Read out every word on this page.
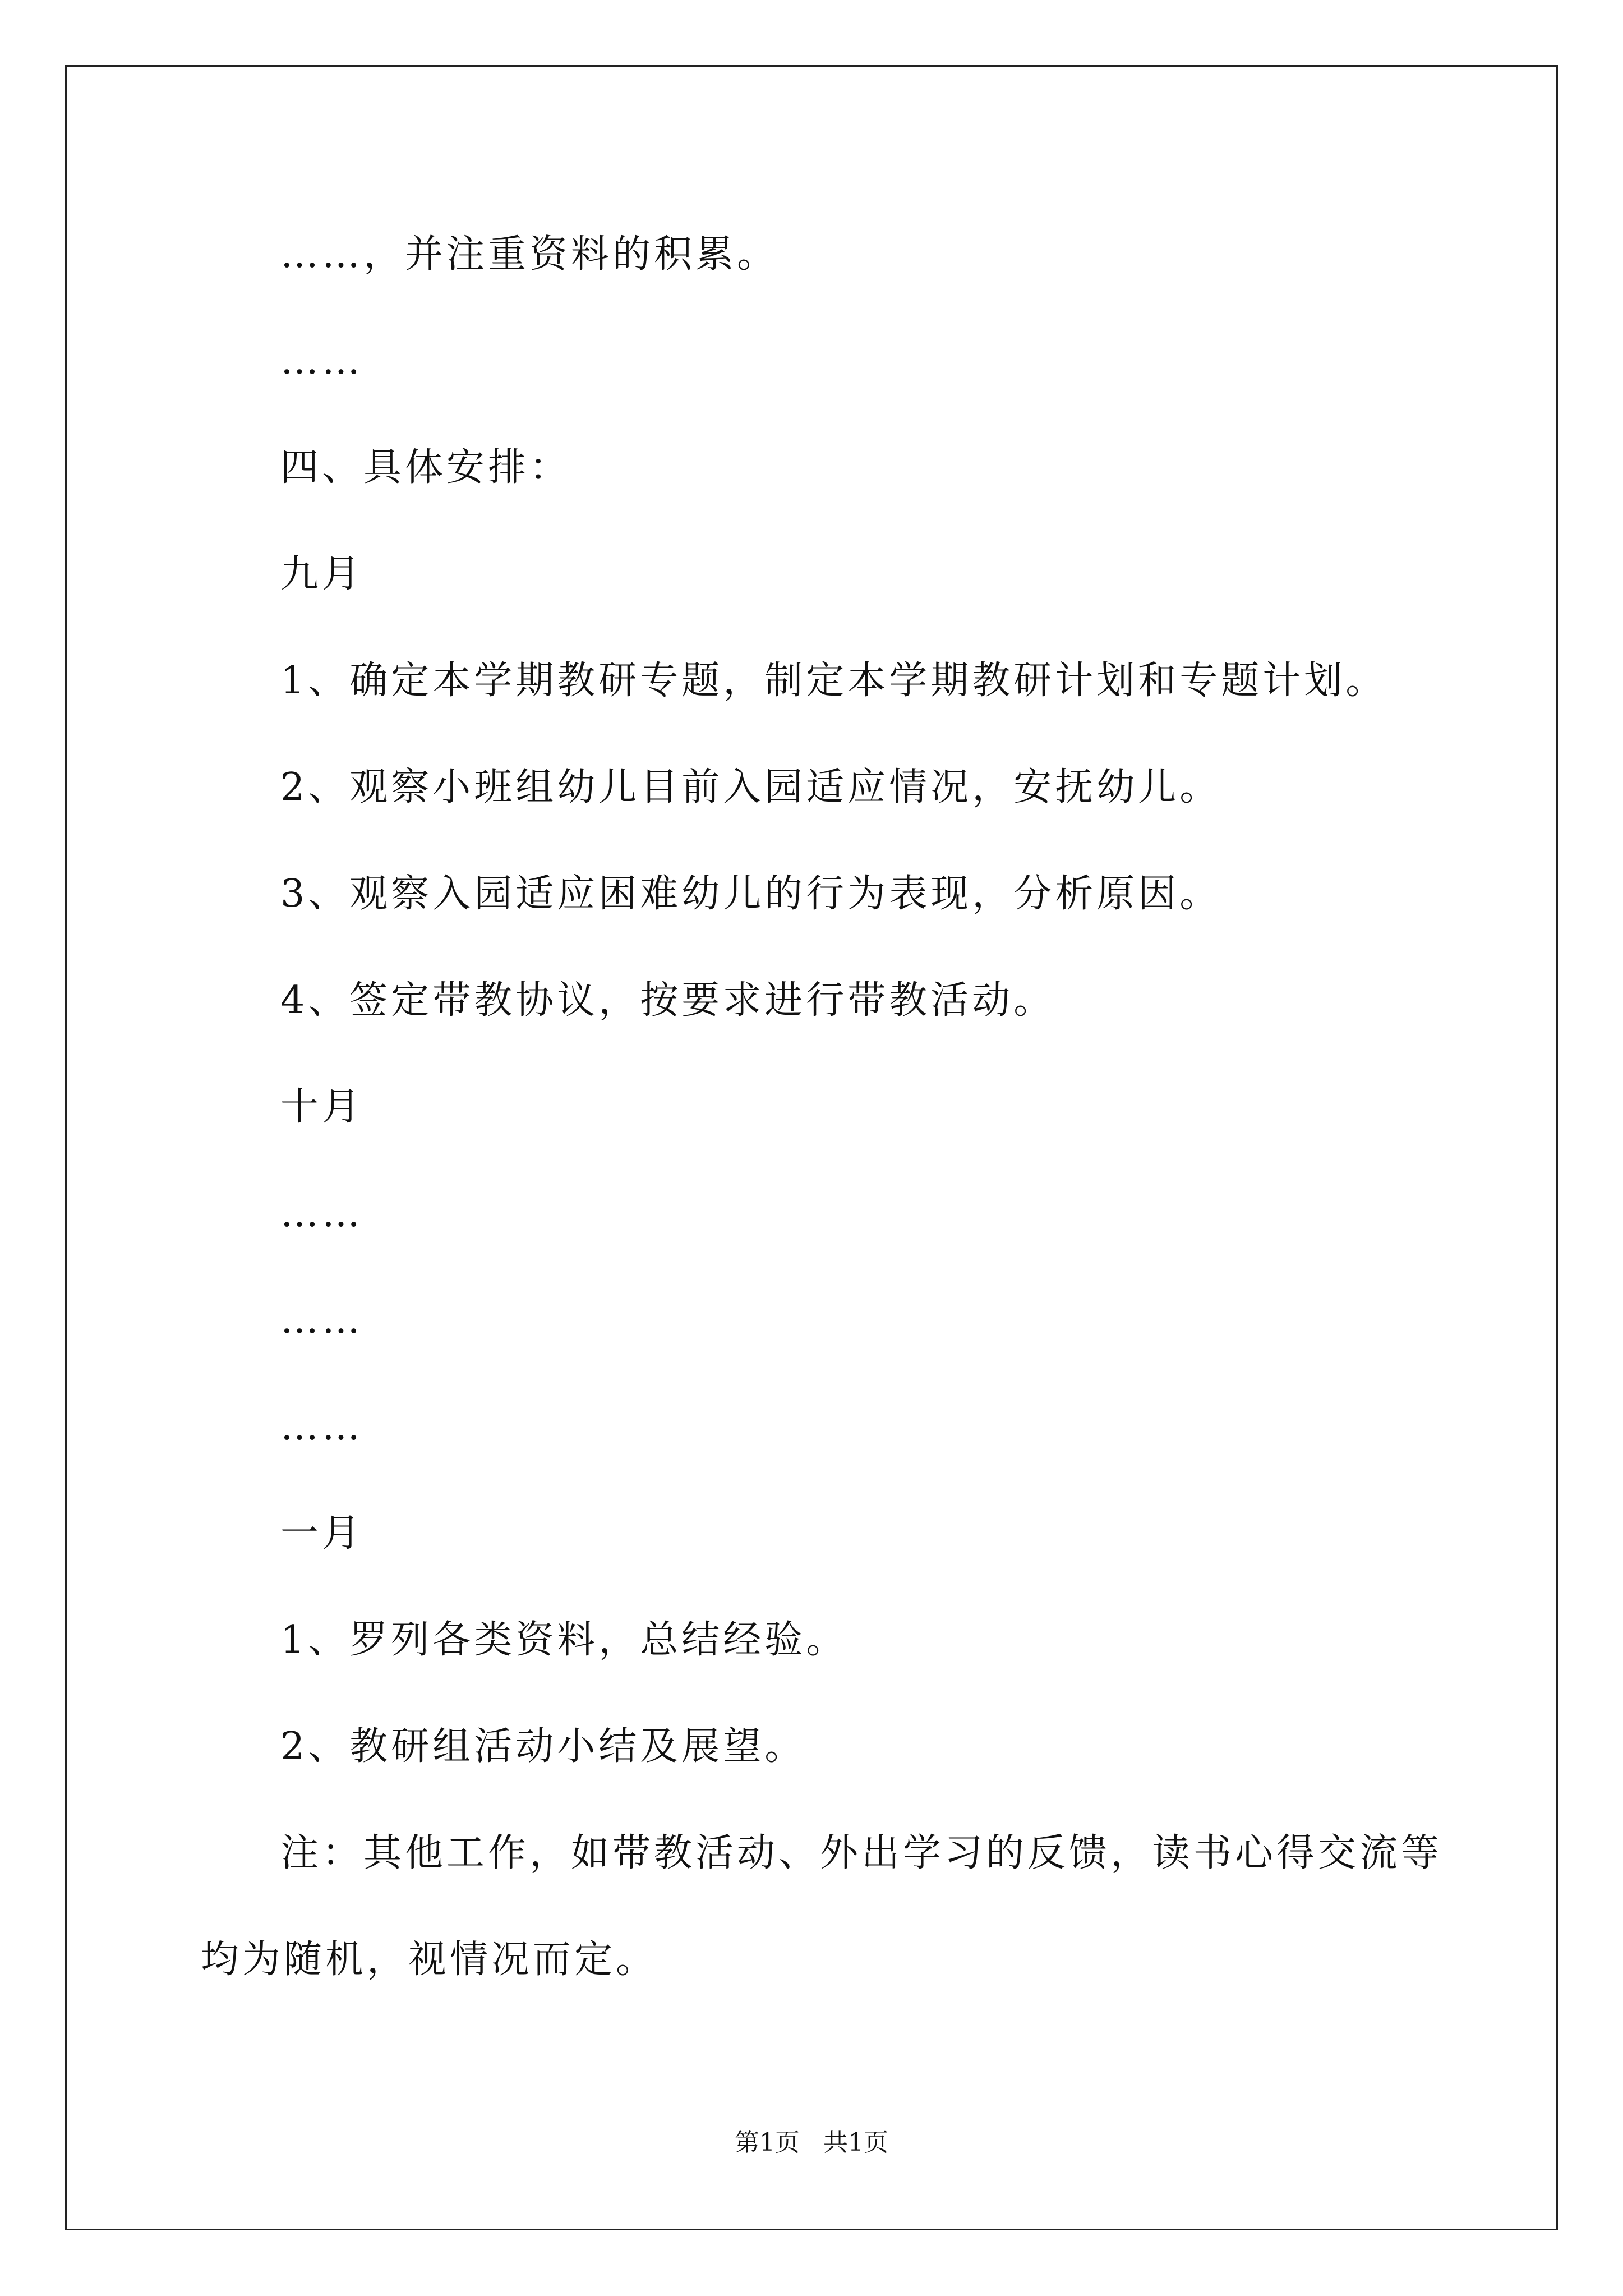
……，并注重资料的积累。

……

四、具体安排：

九月

1、确定本学期教研专题，制定本学期教研计划和专题计划。

2、观察小班组幼儿目前入园适应情况，安抚幼儿。

3、观察入园适应困难幼儿的行为表现，分析原因。

4、签定带教协议，按要求进行带教活动。

十月

……

……

……

一月

1、罗列各类资料，总结经验。

2、教研组活动小结及展望。

注：其他工作，如带教活动、外出学习的反馈，读书心得交流等

均为随机，视情况而定。

第1页 共1页
